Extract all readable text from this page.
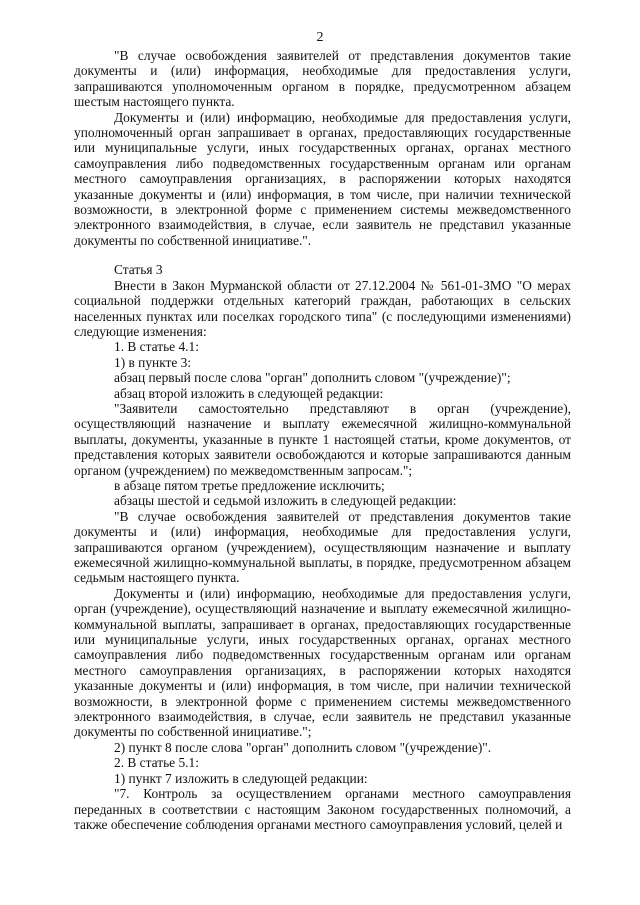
2

"В случае освобождения заявителей от представления документов такие документы и (или) информация, необходимые для предоставления услуги, запрашиваются уполномоченным органом в порядке, предусмотренном абзацем шестым настоящего пункта.

Документы и (или) информацию, необходимые для предоставления услуги, уполномоченный орган запрашивает в органах, предоставляющих государственные или муниципальные услуги, иных государственных органах, органах местного самоуправления либо подведомственных государственным органам или органам местного самоуправления организациях, в распоряжении которых находятся указанные документы и (или) информация, в том числе, при наличии технической возможности, в электронной форме с применением системы межведомственного электронного взаимодействия, в случае, если заявитель не представил указанные документы по собственной инициативе.".

Статья 3

Внести в Закон Мурманской области от 27.12.2004 № 561-01-ЗМО "О мерах социальной поддержки отдельных категорий граждан, работающих в сельских населенных пунктах или поселках городского типа" (с последующими изменениями) следующие изменения:

1. В статье 4.1:

1) в пункте 3:

абзац первый после слова "орган" дополнить словом "(учреждение)";

абзац второй изложить в следующей редакции:

"Заявители самостоятельно представляют в орган (учреждение), осуществляющий назначение и выплату ежемесячной жилищно-коммунальной выплаты, документы, указанные в пункте 1 настоящей статьи, кроме документов, от представления которых заявители освобождаются и которые запрашиваются данным органом (учреждением) по межведомственным запросам.";

в абзаце пятом третье предложение исключить;

абзацы шестой и седьмой изложить в следующей редакции:

"В случае освобождения заявителей от представления документов такие документы и (или) информация, необходимые для предоставления услуги, запрашиваются органом (учреждением), осуществляющим назначение и выплату ежемесячной жилищно-коммунальной выплаты, в порядке, предусмотренном абзацем седьмым настоящего пункта.

Документы и (или) информацию, необходимые для предоставления услуги, орган (учреждение), осуществляющий назначение и выплату ежемесячной жилищно-коммунальной выплаты, запрашивает в органах, предоставляющих государственные или муниципальные услуги, иных государственных органах, органах местного самоуправления либо подведомственных государственным органам или органам местного самоуправления организациях, в распоряжении которых находятся указанные документы и (или) информация, в том числе, при наличии технической возможности, в электронной форме с применением системы межведомственного электронного взаимодействия, в случае, если заявитель не представил указанные документы по собственной инициативе.";

2) пункт 8 после слова "орган" дополнить словом "(учреждение)".

2. В статье 5.1:

1) пункт 7 изложить в следующей редакции:

"7. Контроль за осуществлением органами местного самоуправления переданных в соответствии с настоящим Законом государственных полномочий, а также обеспечение соблюдения органами местного самоуправления условий, целей и
